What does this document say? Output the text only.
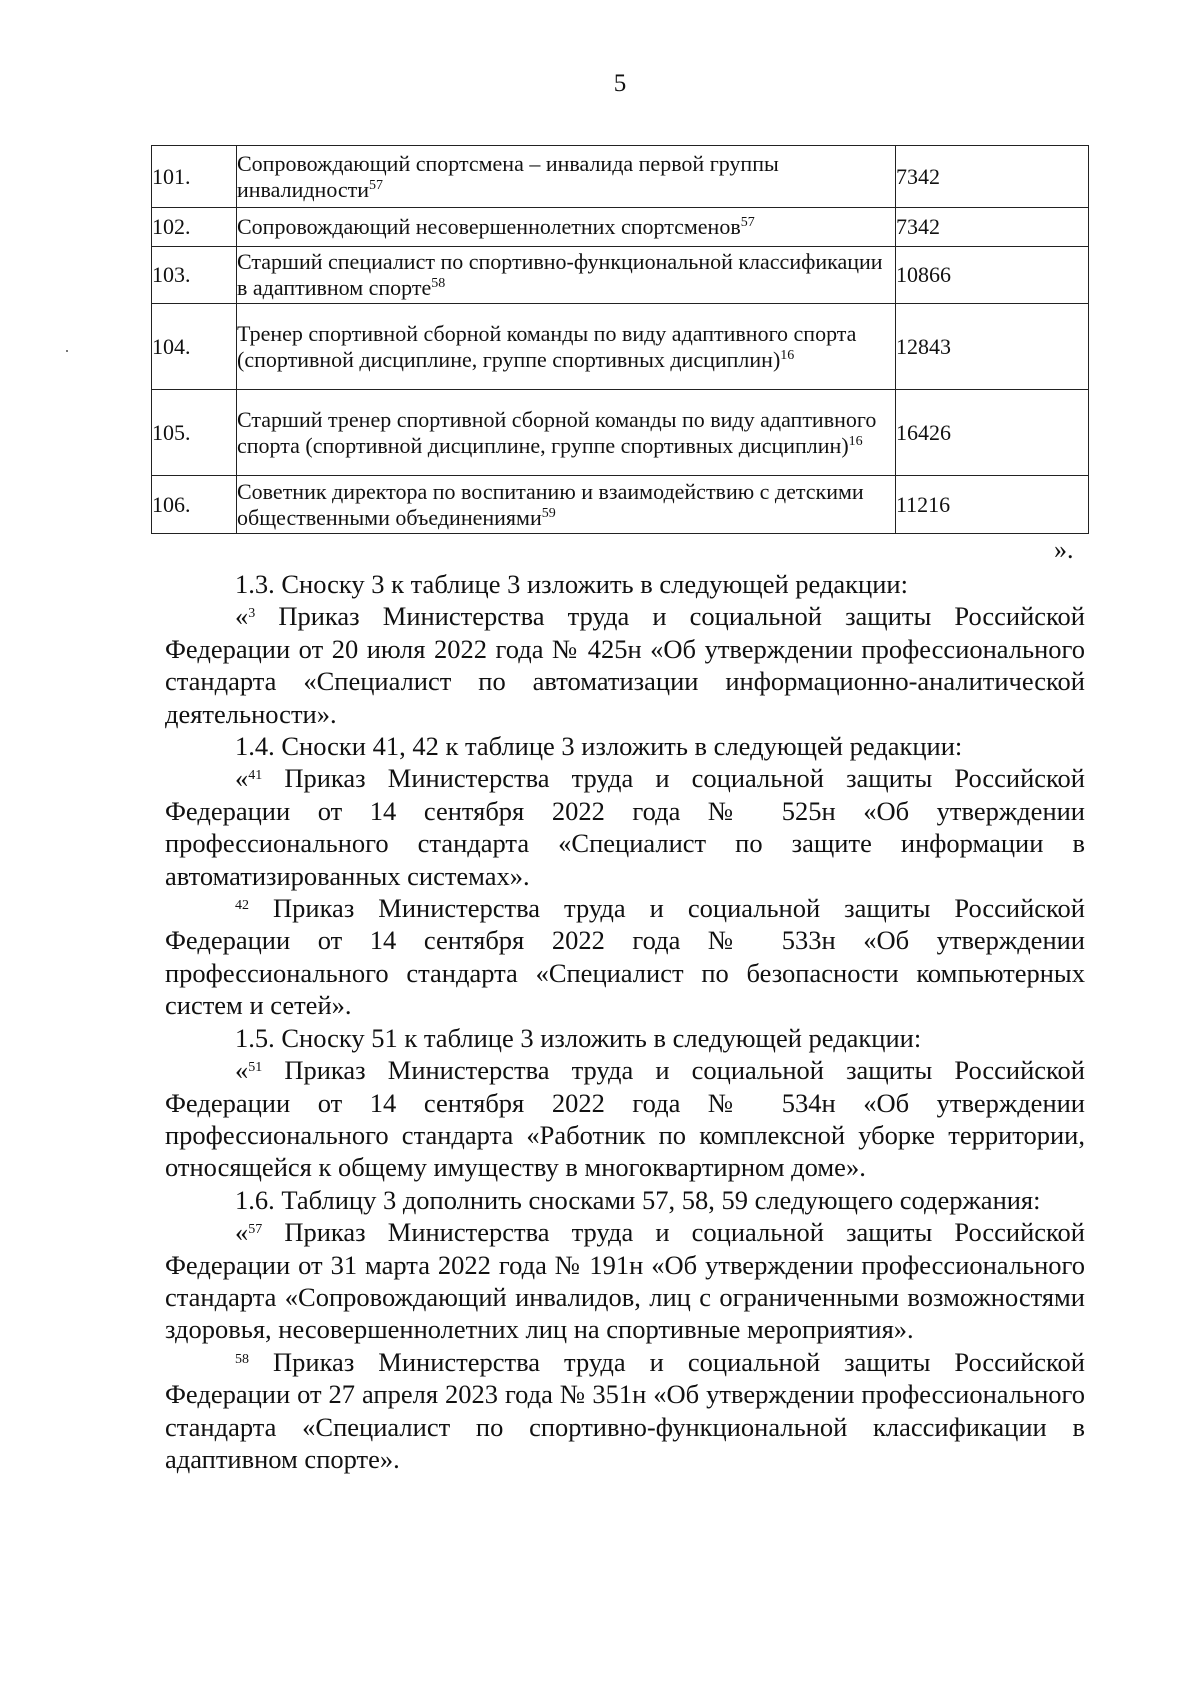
5
101.	Сопровождающий спортсмена – инвалида первой группы инвалидности$^{57}$	7342
102.	Сопровождающий несовершеннолетних спортсменов$^{57}$	7342
103.	Старший специалист по спортивно-функциональной классификации в адаптивном спорте$^{58}$	10866
104.	Тренер спортивной сборной команды по виду адаптивного спорта (спортивной дисциплине, группе спортивных дисциплин)$^{16}$	12843
105.	Старший тренер спортивной сборной команды по виду адаптивного спорта (спортивной дисциплине, группе спортивных дисциплин)$^{16}$	16426
106.	Советник директора по воспитанию и взаимодействию с детскими общественными объединениями$^{59}$	11216
».

1.3. Сноску 3 к таблице 3 изложить в следующей редакции:

«$^3$ Приказ Министерства труда и социальной защиты Российской Федерации от 20 июля 2022 года № 425н «Об утверждении профессионального стандарта «Специалист по автоматизации информационно-аналитической деятельности».

1.4. Сноски 41, 42 к таблице 3 изложить в следующей редакции:

«$^{41}$ Приказ Министерства труда и социальной защиты Российской Федерации от 14 сентября 2022 года № 525н «Об утверждении профессионального стандарта «Специалист по защите информации в автоматизированных системах».

$^{42}$ Приказ Министерства труда и социальной защиты Российской Федерации от 14 сентября 2022 года № 533н «Об утверждении профессионального стандарта «Специалист по безопасности компьютерных систем и сетей».

1.5. Сноску 51 к таблице 3 изложить в следующей редакции:

«$^{51}$ Приказ Министерства труда и социальной защиты Российской Федерации от 14 сентября 2022 года № 534н «Об утверждении профессионального стандарта «Работник по комплексной уборке территории, относящейся к общему имуществу в многоквартирном доме».

1.6. Таблицу 3 дополнить сносками 57, 58, 59 следующего содержания:

«$^{57}$ Приказ Министерства труда и социальной защиты Российской Федерации от 31 марта 2022 года № 191н «Об утверждении профессионального стандарта «Сопровождающий инвалидов, лиц с ограниченными возможностями здоровья, несовершеннолетних лиц на спортивные мероприятия».

$^{58}$ Приказ Министерства труда и социальной защиты Российской Федерации от 27 апреля 2023 года № 351н «Об утверждении профессионального стандарта «Специалист по спортивно-функциональной классификации в адаптивном спорте».
